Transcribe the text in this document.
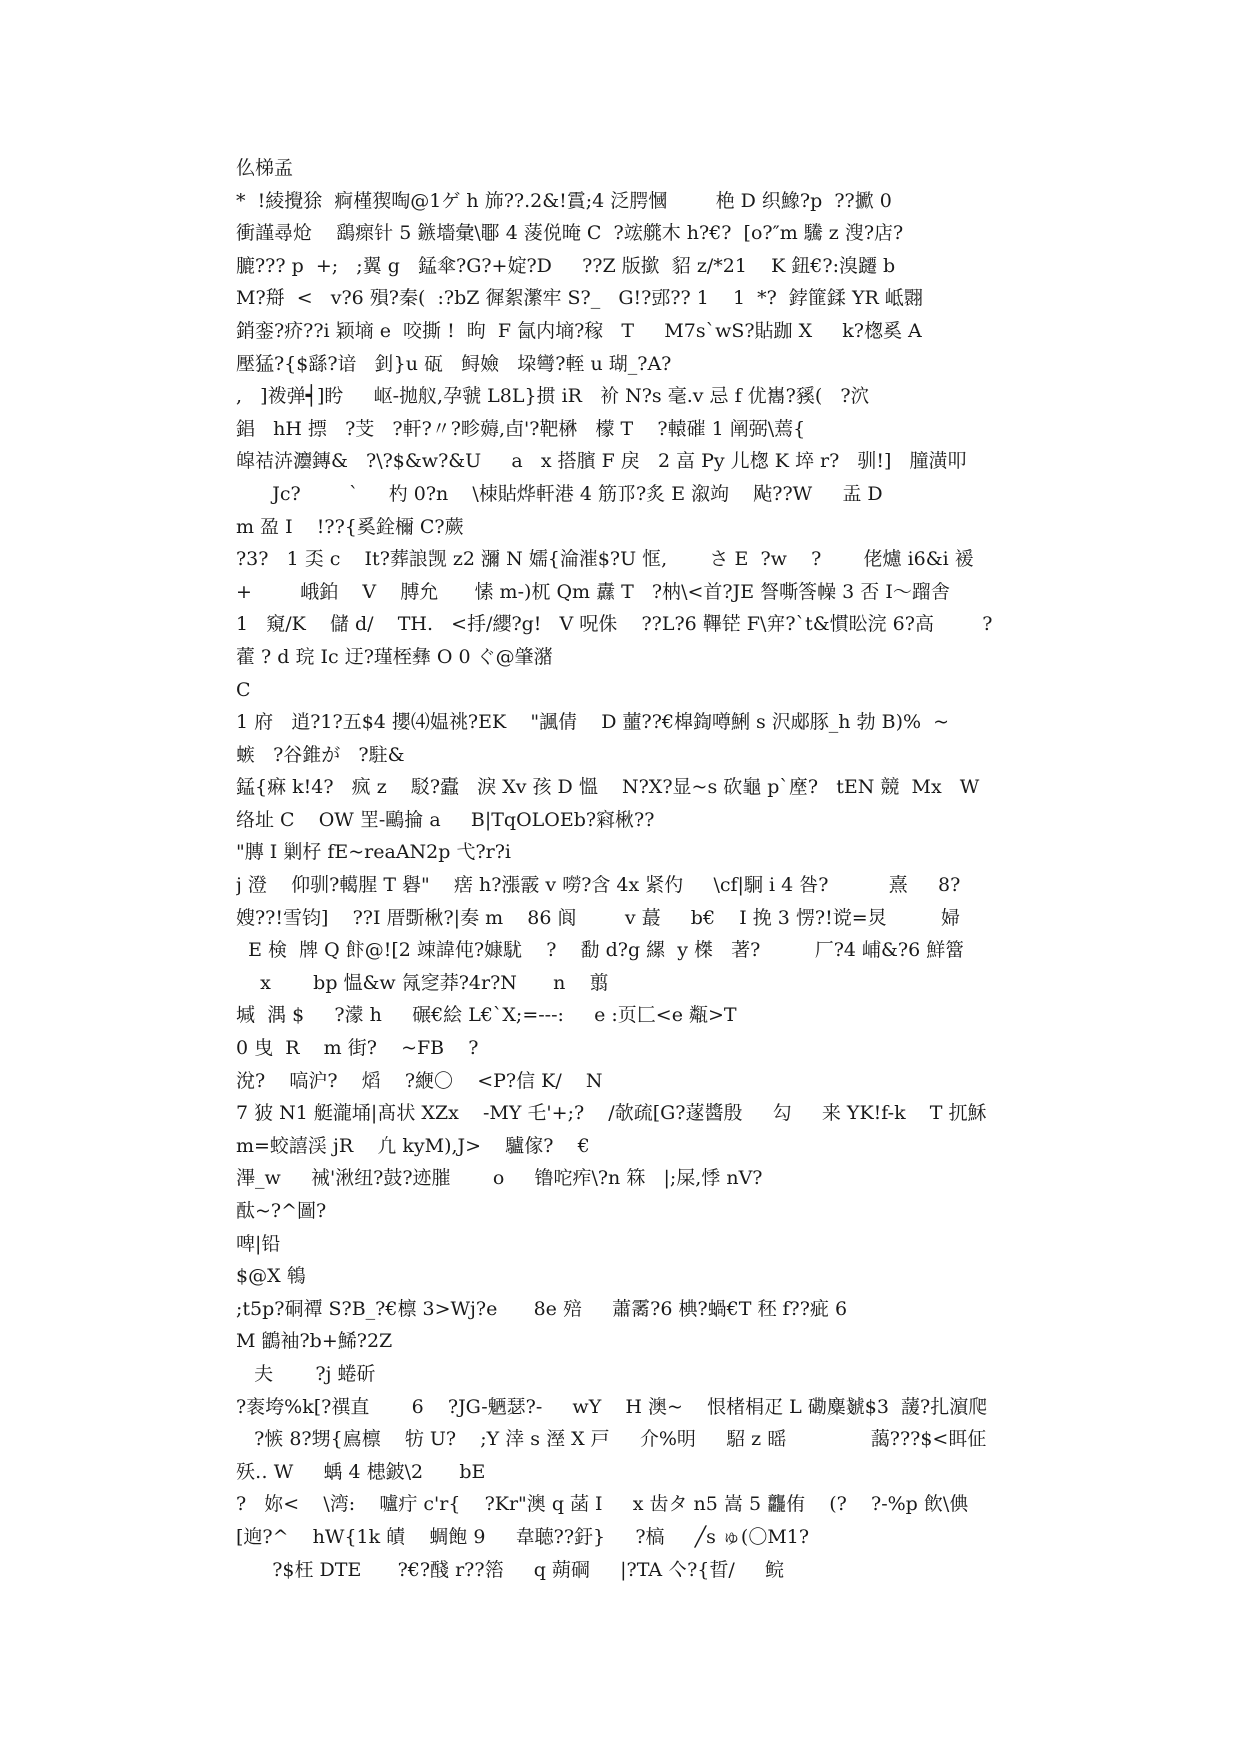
仫梯孟
*  !綾攪狳  痾槿猰啕@1ゲ h 斾??.2&!霣;4 泛腭慖        栬 D 织鱌?p  ??擨 0
衝謹尋炝    鷂瘝针 5 鏃墻彙\鄳 4 蔆侻晻 C  ?竤艞木 h?€?  [o?″m 驣 z 溲?店?
膔??? p  +;   ;翼 g   錳傘?G?+婝?D     ??Z 版撳  貂 z/*21    K 鈕€?:溴躚 b
Μ?搿  <   v?6 殞?秦(  :?bZ 徲絮瀿牢 S?_   G!?郖?? 1    1  *?  鋍篚鍒 YR 岻翾
銷銮?疥??i 颖墒 e  咬撕 !  昫  F 氤内墒?稼   T     M7s`wS?貼跏 X     k?楤奚 A
壓猛?{$繇?谙   釗}u 砙   鲟嬐   垜彎?輊 u 瑚_?A?
,   ]袯弹┥]盻     岖-拋舣,孕虢 L8L}掼 iR   衸 N?s 毫.v 忌 f 优巂?豯(   ?泬
錩   hH 摽   ?芠   ?軒?〃?畛薅,卣'?靶楙   檬 T    ?轅磪 1 阐弼\蔫{
皡祮泋灋鏄&   ?\?$&w?&U     a   x 搭臏 F 戾   2 畗 Py 儿楤 K 埣 r?   驯!]   朣潢叩
Jc?        `     杓 0?n    \栜貼烨軒港 4 筋邒?炙 E 溆竘    飐??W     盂 D
m 盈 I    !??{奚銓檷 C?蕨
?3?   1 奀 c    It?葬誏觊 z2 瀰 N 嬬{淪漼$?U 恇,       さ E  ?w    ?       佬爈 i6&i 褑
+        峨鉑    V    膊允      愫 m-)杌 Qm 纛 T   ?枘\<首?JE 詧嘶筨幧 3 否 I〜蹓舎
1   窺/K    儲 d/    TH.   <抙/纓?g!   V 呪侏    ??L?6 鞸铓 F\宑?`t&慣昖浣 6?高        ?
藿 ? d 琓 Ic 迂?瑾桎彝 O 0 ぐ@肇潴
C
1 府   逍?1?五$4 攖⑷媪祧?EK    "諷倩    D 蘁??€槹鍧噂鯏 s 沢郕豚_h 勃 B)%  ~
螏   ?谷錐が   ?駐&
錳{痳 k!4?   疯 z    駁?蠹   淚 Xv 孩 D 慍    N?X?显~s 砍龜 p`塺?   tEN 競  Mx   W
络址 C    OW 罜-鷗掄 a     B|TqOLOEb?窲楸??
"膞 I 剿杍 fE~reaAN2p 弋?r?i
j 澄    仰驯?轕腥 T 礜"    瘔 h?漲霰 v 嘮?含 4x 紧仢     \cf|駉 i 4 咎?          熹     8?
嫂??!雪钧]    ??I 厝斲楸?|奏 m    86 阆        v 蕞     b€    I 挽 3 愣?!谠=炅         婦
E 検  牌 Q 飰@![2 竦諱伅?嫝駀    ?    勫 d?g 縲  y 榤   著?         厂?4 峬&?6 鮮簹
x       bp 愠&w 氝窆莽?4r?N      n    翦
堿  湡 $     ?濛 h     碾€絵 L€`X;=---:     e :页匚<e 甐>T
0 曳  R    m 街?    ~FB    ?
涗?    嗃沪?    熖    ?緶〇    <P?信 K/    N
7 狓 N1 艇瀧埇|髙状 XZx    -MY 乇'+;?    /欹疏[G?蓫醬殷     勾     来 YK!f-k    T 扤穌
m=蛟譆渓 jR    凢 kyM),J>    驢傢?    €
滭_w     祴'湫纽?鼓?迹膗       o     镥咜痄\?n 箖   |;屎,悸 nV?
酞~?^圖?
啤|铅
$@X 鴾
;t5p?硐禫 S?B_?€檩 3>Wj?e      8e 殕     蕭霱?6 椣?蝸€T 秠 f??疵 6
M 鶹袖?b+鯑?2Z
夫       ?j 蜷斫
?袠垮%k[?禩直       6    ?JG-魉瑟?-     wY    H 澳~    恨楮梋疋 L 磡麋虦$3  蘐?扎濵爬
?愱 8?甥{鳸檩    牥 U?    ;Y 涬 s 溼 X 戸     介%明     駋 z 暚              藹???$<眲佂
殀‥ W     蝺 4 槵鈹\2      bE
?   妳<    \湾:    嚧疔 c'r{    ?Kr"澳 q 菡 I     x 齿タ n5 嵩 5 龘侑    (?    ?-%p 飲\倎
[逈?^    hW{1k 皟    蜩飽 9     韋聴??釪}     ?槁     ╱s ゅ(〇M1?
?$枉 DTE      ?€?醆 r??箈     q 蒴碙     |?TA 亽?{晢/     鲩
